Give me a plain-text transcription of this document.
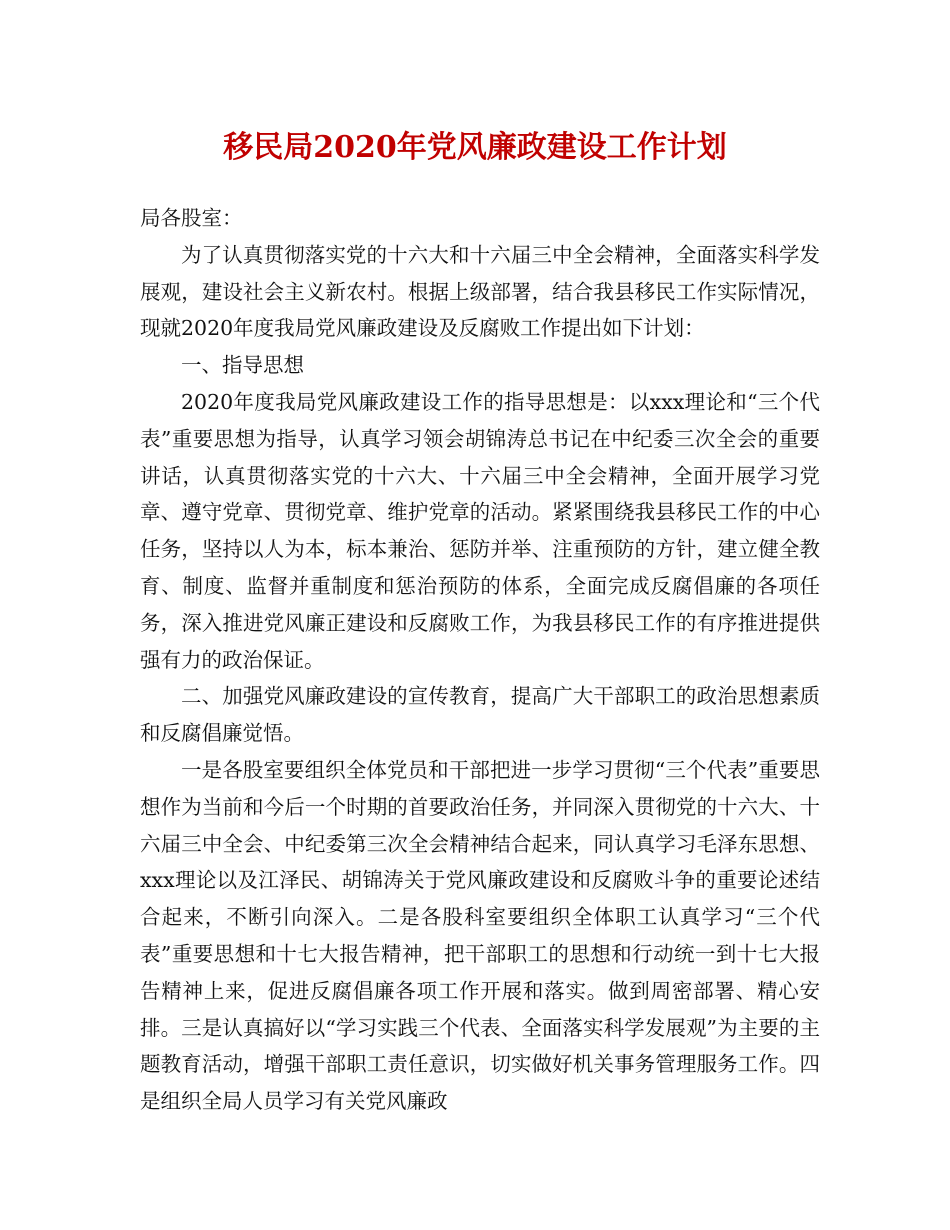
移民局2020年党风廉政建设工作计划

局各股室：

为了认真贯彻落实党的十六大和十六届三中全会精神，全面落实科学发展观，建设社会主义新农村。根据上级部署，结合我县移民工作实际情况，现就2020年度我局党风廉政建设及反腐败工作提出如下计划：

一、指导思想

2020年度我局党风廉政建设工作的指导思想是：以xxx理论和“三个代表”重要思想为指导，认真学习领会胡锦涛总书记在中纪委三次全会的重要讲话，认真贯彻落实党的十六大、十六届三中全会精神，全面开展学习党章、遵守党章、贯彻党章、维护党章的活动。紧紧围绕我县移民工作的中心任务，坚持以人为本，标本兼治、惩防并举、注重预防的方针，建立健全教育、制度、监督并重制度和惩治预防的体系，全面完成反腐倡廉的各项任务，深入推进党风廉正建设和反腐败工作，为我县移民工作的有序推进提供强有力的政治保证。

二、加强党风廉政建设的宣传教育，提高广大干部职工的政治思想素质和反腐倡廉觉悟。

一是各股室要组织全体党员和干部把进一步学习贯彻“三个代表”重要思想作为当前和今后一个时期的首要政治任务，并同深入贯彻党的十六大、十六届三中全会、中纪委第三次全会精神结合起来，同认真学习毛泽东思想、xxx理论以及江泽民、胡锦涛关于党风廉政建设和反腐败斗争的重要论述结合起来，不断引向深入。二是各股科室要组织全体职工认真学习“三个代表”重要思想和十七大报告精神，把干部职工的思想和行动统一到十七大报告精神上来，促进反腐倡廉各项工作开展和落实。做到周密部署、精心安排。三是认真搞好以“学习实践三个代表、全面落实科学发展观”为主要的主题教育活动，增强干部职工责任意识，切实做好机关事务管理服务工作。四是组织全局人员学习有关党风廉政
